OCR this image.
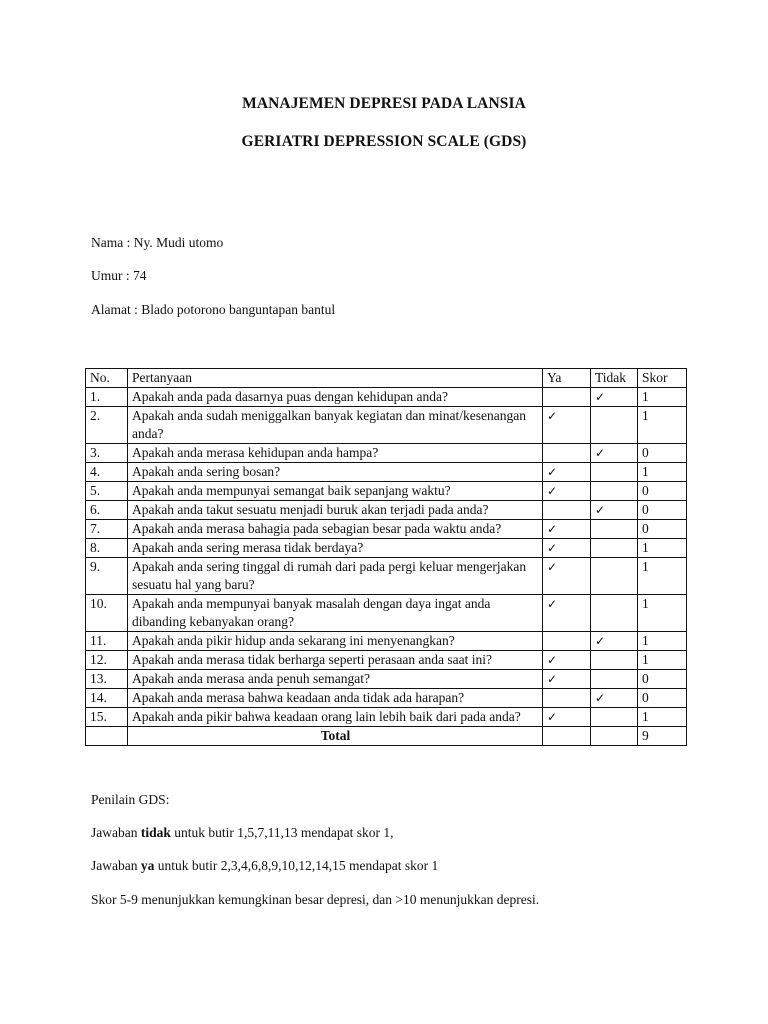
MANAJEMEN DEPRESI PADA LANSIA
GERIATRI DEPRESSION SCALE (GDS)
Nama : Ny. Mudi utomo
Umur : 74
Alamat : Blado potorono banguntapan bantul
No.	Pertanyaan	Ya	Tidak	Skor
1.	Apakah anda pada dasarnya puas dengan kehidupan anda?		✓	1
2.	Apakah anda sudah meniggalkan banyak kegiatan dan minat/kesenangan anda?	✓		1
3.	Apakah anda merasa kehidupan anda hampa?		✓	0
4.	Apakah anda sering bosan?	✓		1
5.	Apakah anda mempunyai semangat baik sepanjang waktu?	✓		0
6.	Apakah anda takut sesuatu menjadi buruk akan terjadi pada anda?		✓	0
7.	Apakah anda merasa bahagia pada sebagian besar pada waktu anda?	✓		0
8.	Apakah anda sering merasa tidak berdaya?	✓		1
9.	Apakah anda sering tinggal di rumah dari pada pergi keluar mengerjakan sesuatu hal yang baru?	✓		1
10.	Apakah anda mempunyai banyak masalah dengan daya ingat anda dibanding kebanyakan orang?	✓		1
11.	Apakah anda pikir hidup anda sekarang ini menyenangkan?		✓	1
12.	Apakah anda merasa tidak berharga seperti perasaan anda saat ini?	✓		1
13.	Apakah anda merasa anda penuh semangat?	✓		0
14.	Apakah anda merasa bahwa keadaan anda tidak ada harapan?		✓	0
15.	Apakah anda pikir bahwa keadaan orang lain lebih baik dari pada anda?	✓		1
	Total			9
Penilain GDS:
Jawaban tidak untuk butir 1,5,7,11,13 mendapat skor 1,
Jawaban ya untuk butir 2,3,4,6,8,9,10,12,14,15 mendapat skor 1
Skor 5-9 menunjukkan kemungkinan besar depresi, dan >10 menunjukkan depresi.
